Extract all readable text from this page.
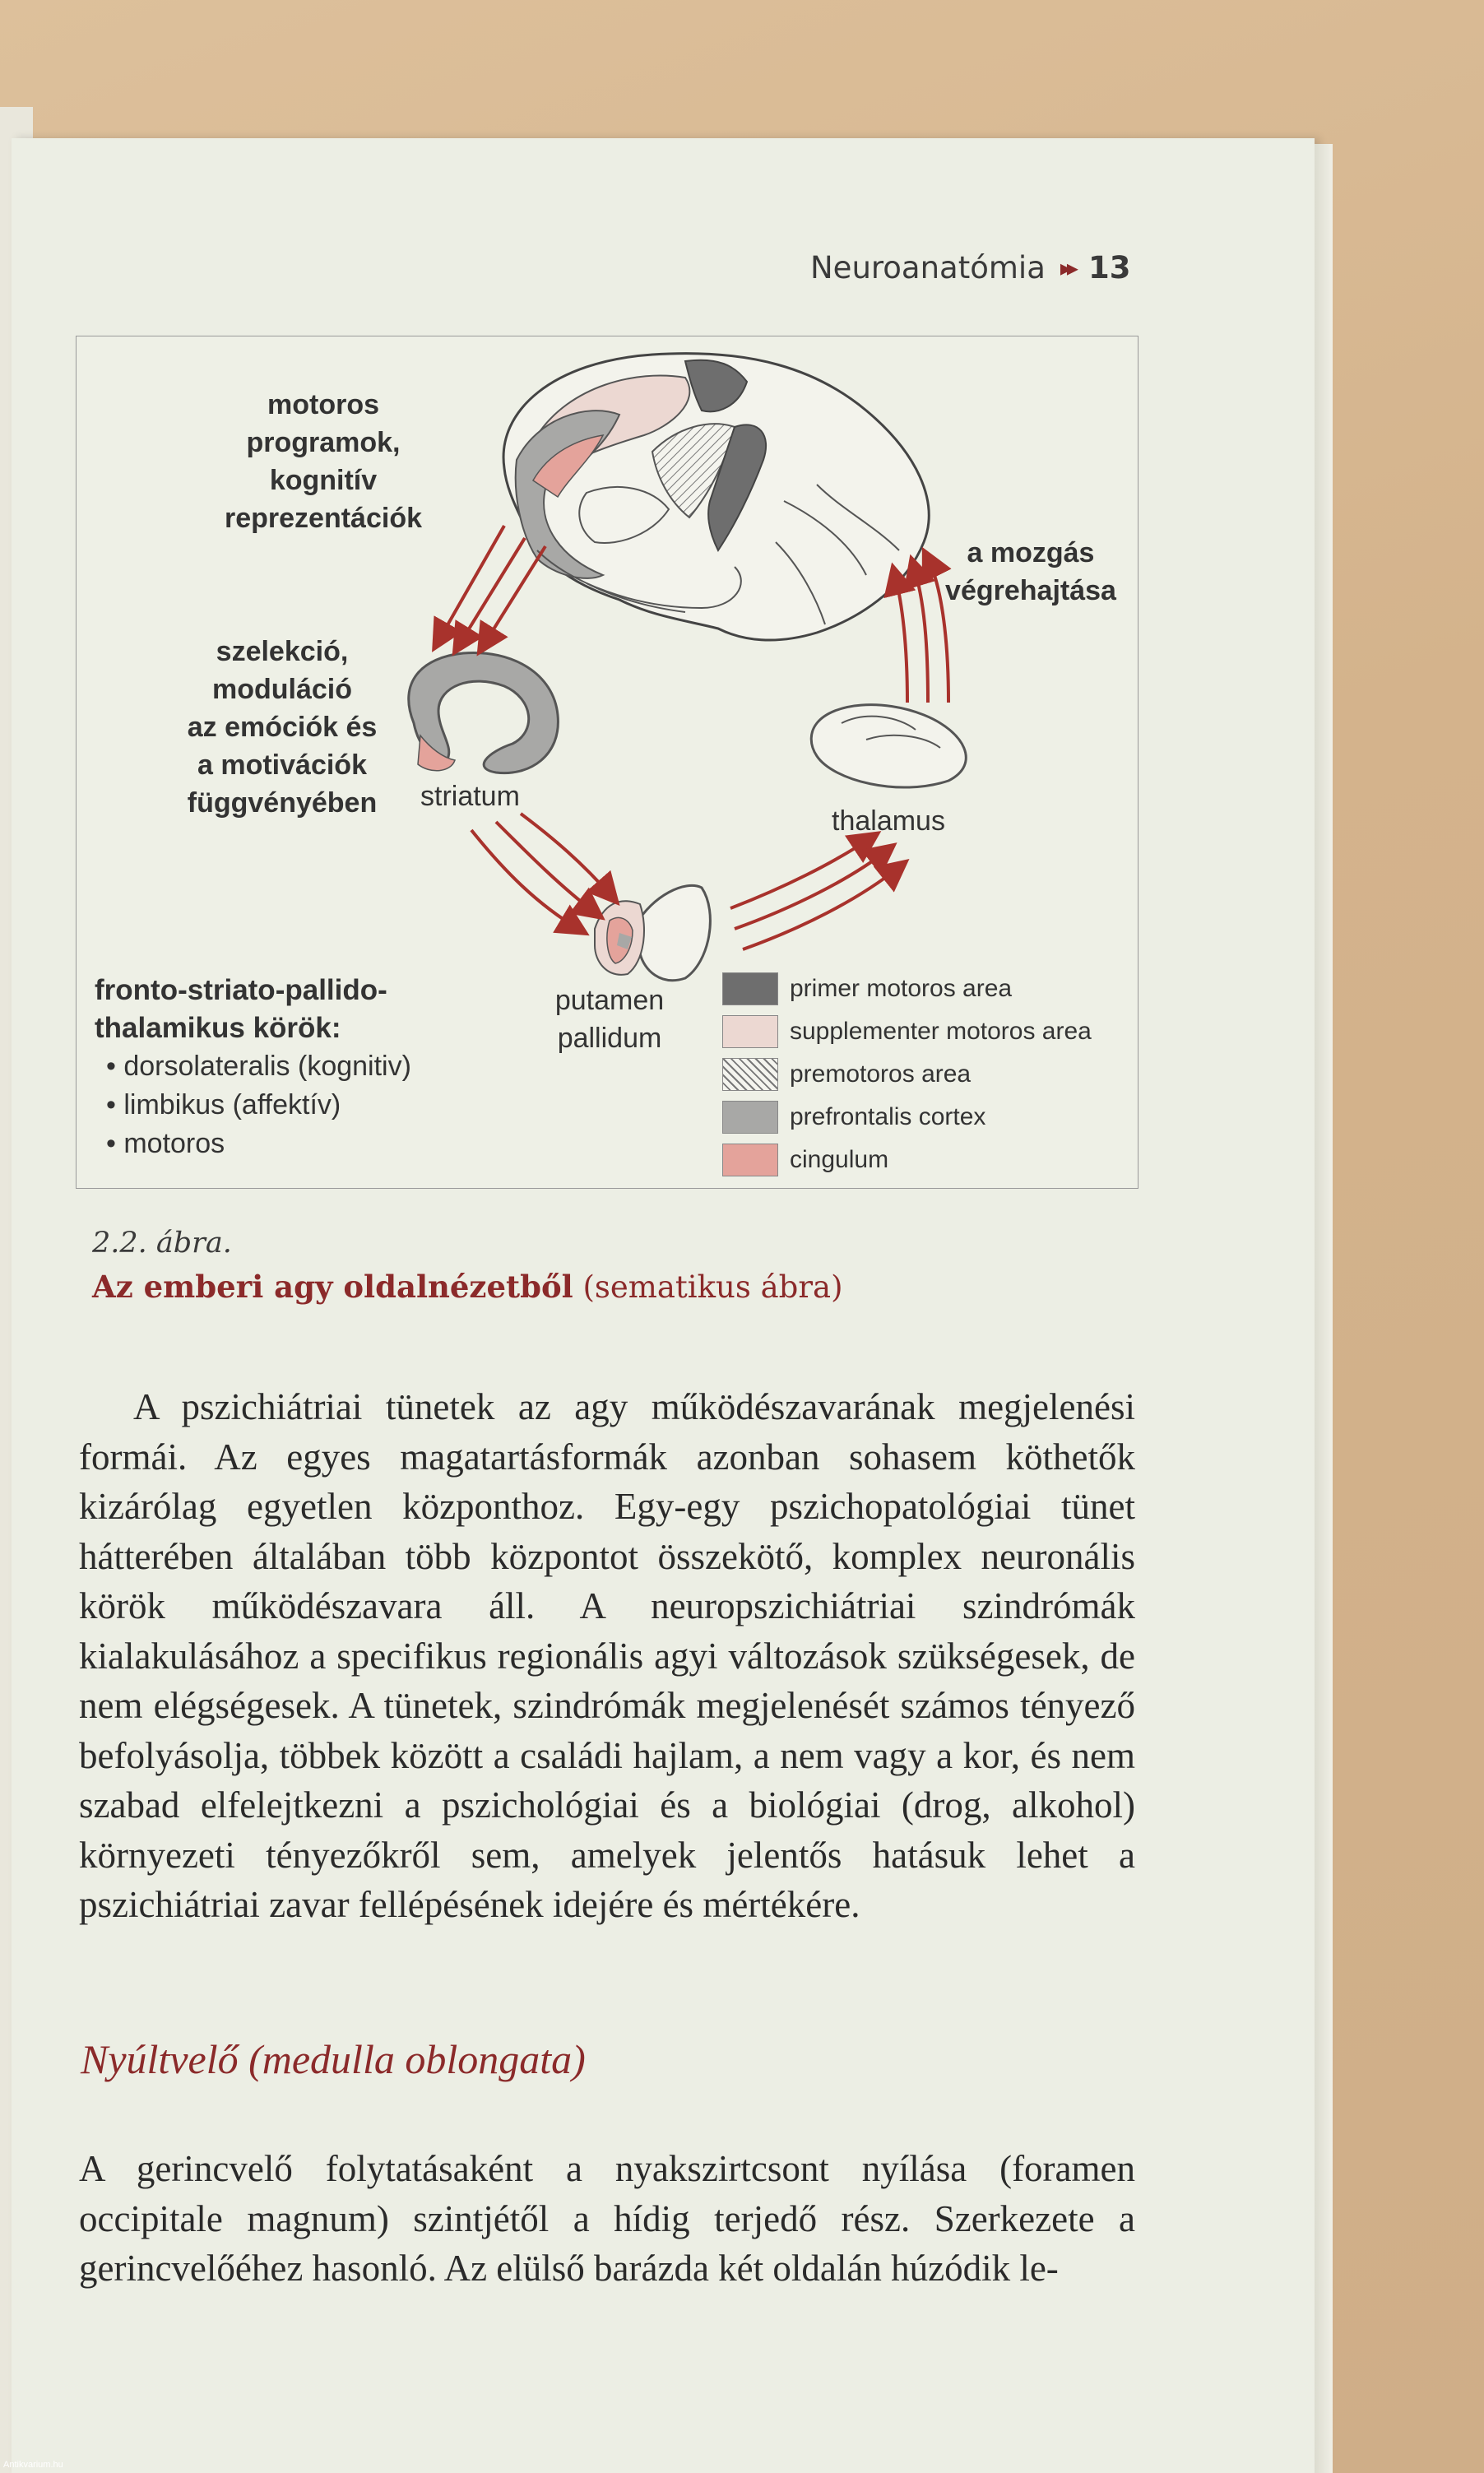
Neuroanatómia ▸▸ 13
motoros
programok,
kognitív
reprezentációk
szelekció,
moduláció
az emóciók és
a motivációk
függvényében
a mozgás
végrehajtása
striatum
thalamus
putamen
pallidum
fronto-striato-pallido-
thalamikus körök:
• dorsolateralis (kognitiv)
• limbikus (affektív)
• motoros
primer motoros area
supplementer motoros area
premotoros area
prefrontalis cortex
cingulum
2.2. ábra.
Az emberi agy oldalnézetből (sematikus ábra)

A pszichiátriai tünetek az agy működészavarának megjelenési formái. Az egyes magatartásformák azonban sohasem köthetők kizárólag egyetlen központhoz. Egy-egy pszichopatológiai tünet hátterében általában több központot összekötő, komplex neuronális körök működészavara áll. A neuropszichiátriai szindrómák kialakulásához a specifikus regionális agyi változások szükségesek, de nem elégségesek. A tünetek, szindrómák megjelenését számos tényező befolyásolja, többek között a családi hajlam, a nem vagy a kor, és nem szabad elfelejtkezni a pszichológiai és a biológiai (drog, alkohol) környezeti tényezőkről sem, amelyek jelentős hatásuk lehet a pszichiátriai zavar fellépésének idejére és mértékére.

Nyúltvelő (medulla oblongata)

A gerincvelő folytatásaként a nyakszirtcsont nyílása (foramen occipitale magnum) szintjétől a hídig terjedő rész. Szerkezete a gerincvelőéhez hasonló. Az elülső barázda két oldalán húzódik le-

Antikvarium.hu
